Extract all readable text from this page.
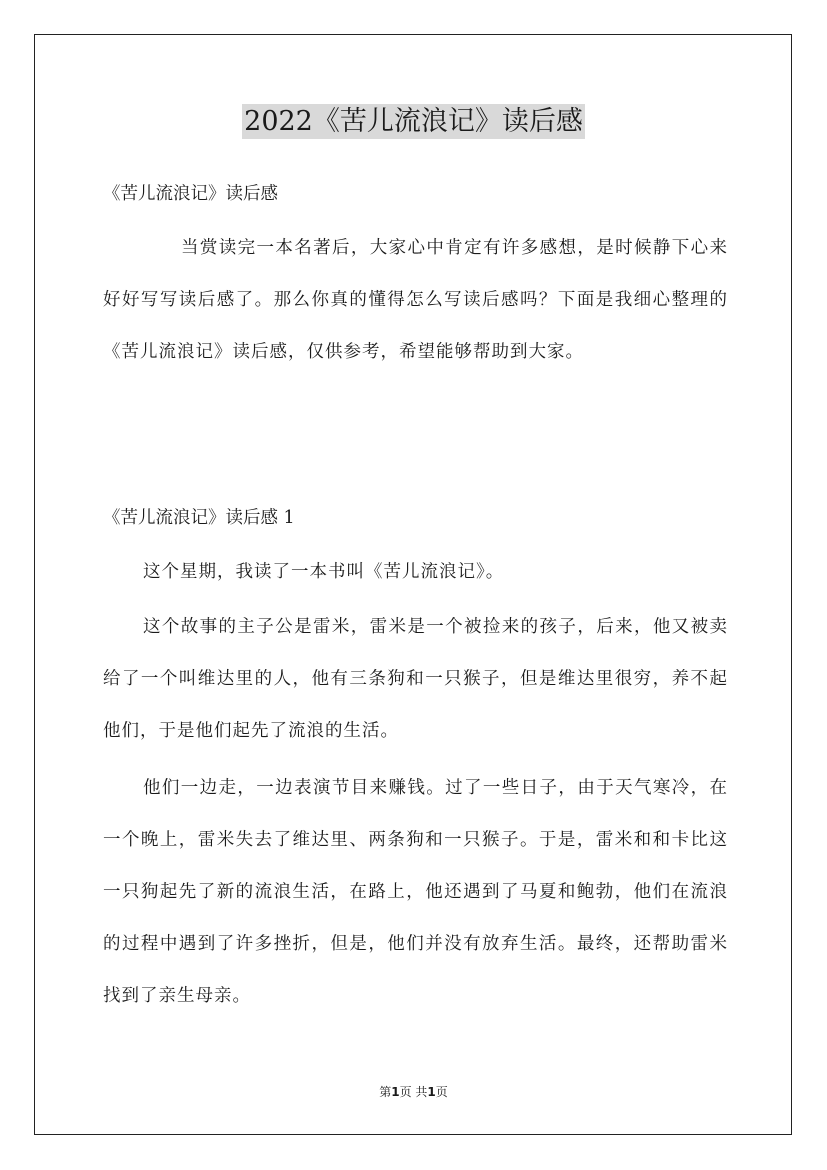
2022《苦儿流浪记》读后感

《苦儿流浪记》读后感

当赏读完一本名著后，大家心中肯定有许多感想，是时候静下心来好好写写读后感了。那么你真的懂得怎么写读后感吗？下面是我细心整理的《苦儿流浪记》读后感，仅供参考，希望能够帮助到大家。

《苦儿流浪记》读后感 1

这个星期，我读了一本书叫《苦儿流浪记》。

这个故事的主子公是雷米，雷米是一个被捡来的孩子，后来，他又被卖给了一个叫维达里的人，他有三条狗和一只猴子，但是维达里很穷，养不起他们，于是他们起先了流浪的生活。

他们一边走，一边表演节目来赚钱。过了一些日子，由于天气寒冷，在一个晚上，雷米失去了维达里、两条狗和一只猴子。于是，雷米和和卡比这一只狗起先了新的流浪生活，在路上，他还遇到了马夏和鲍勃，他们在流浪的过程中遇到了许多挫折，但是，他们并没有放弃生活。最终，还帮助雷米找到了亲生母亲。

第1页 共1页
